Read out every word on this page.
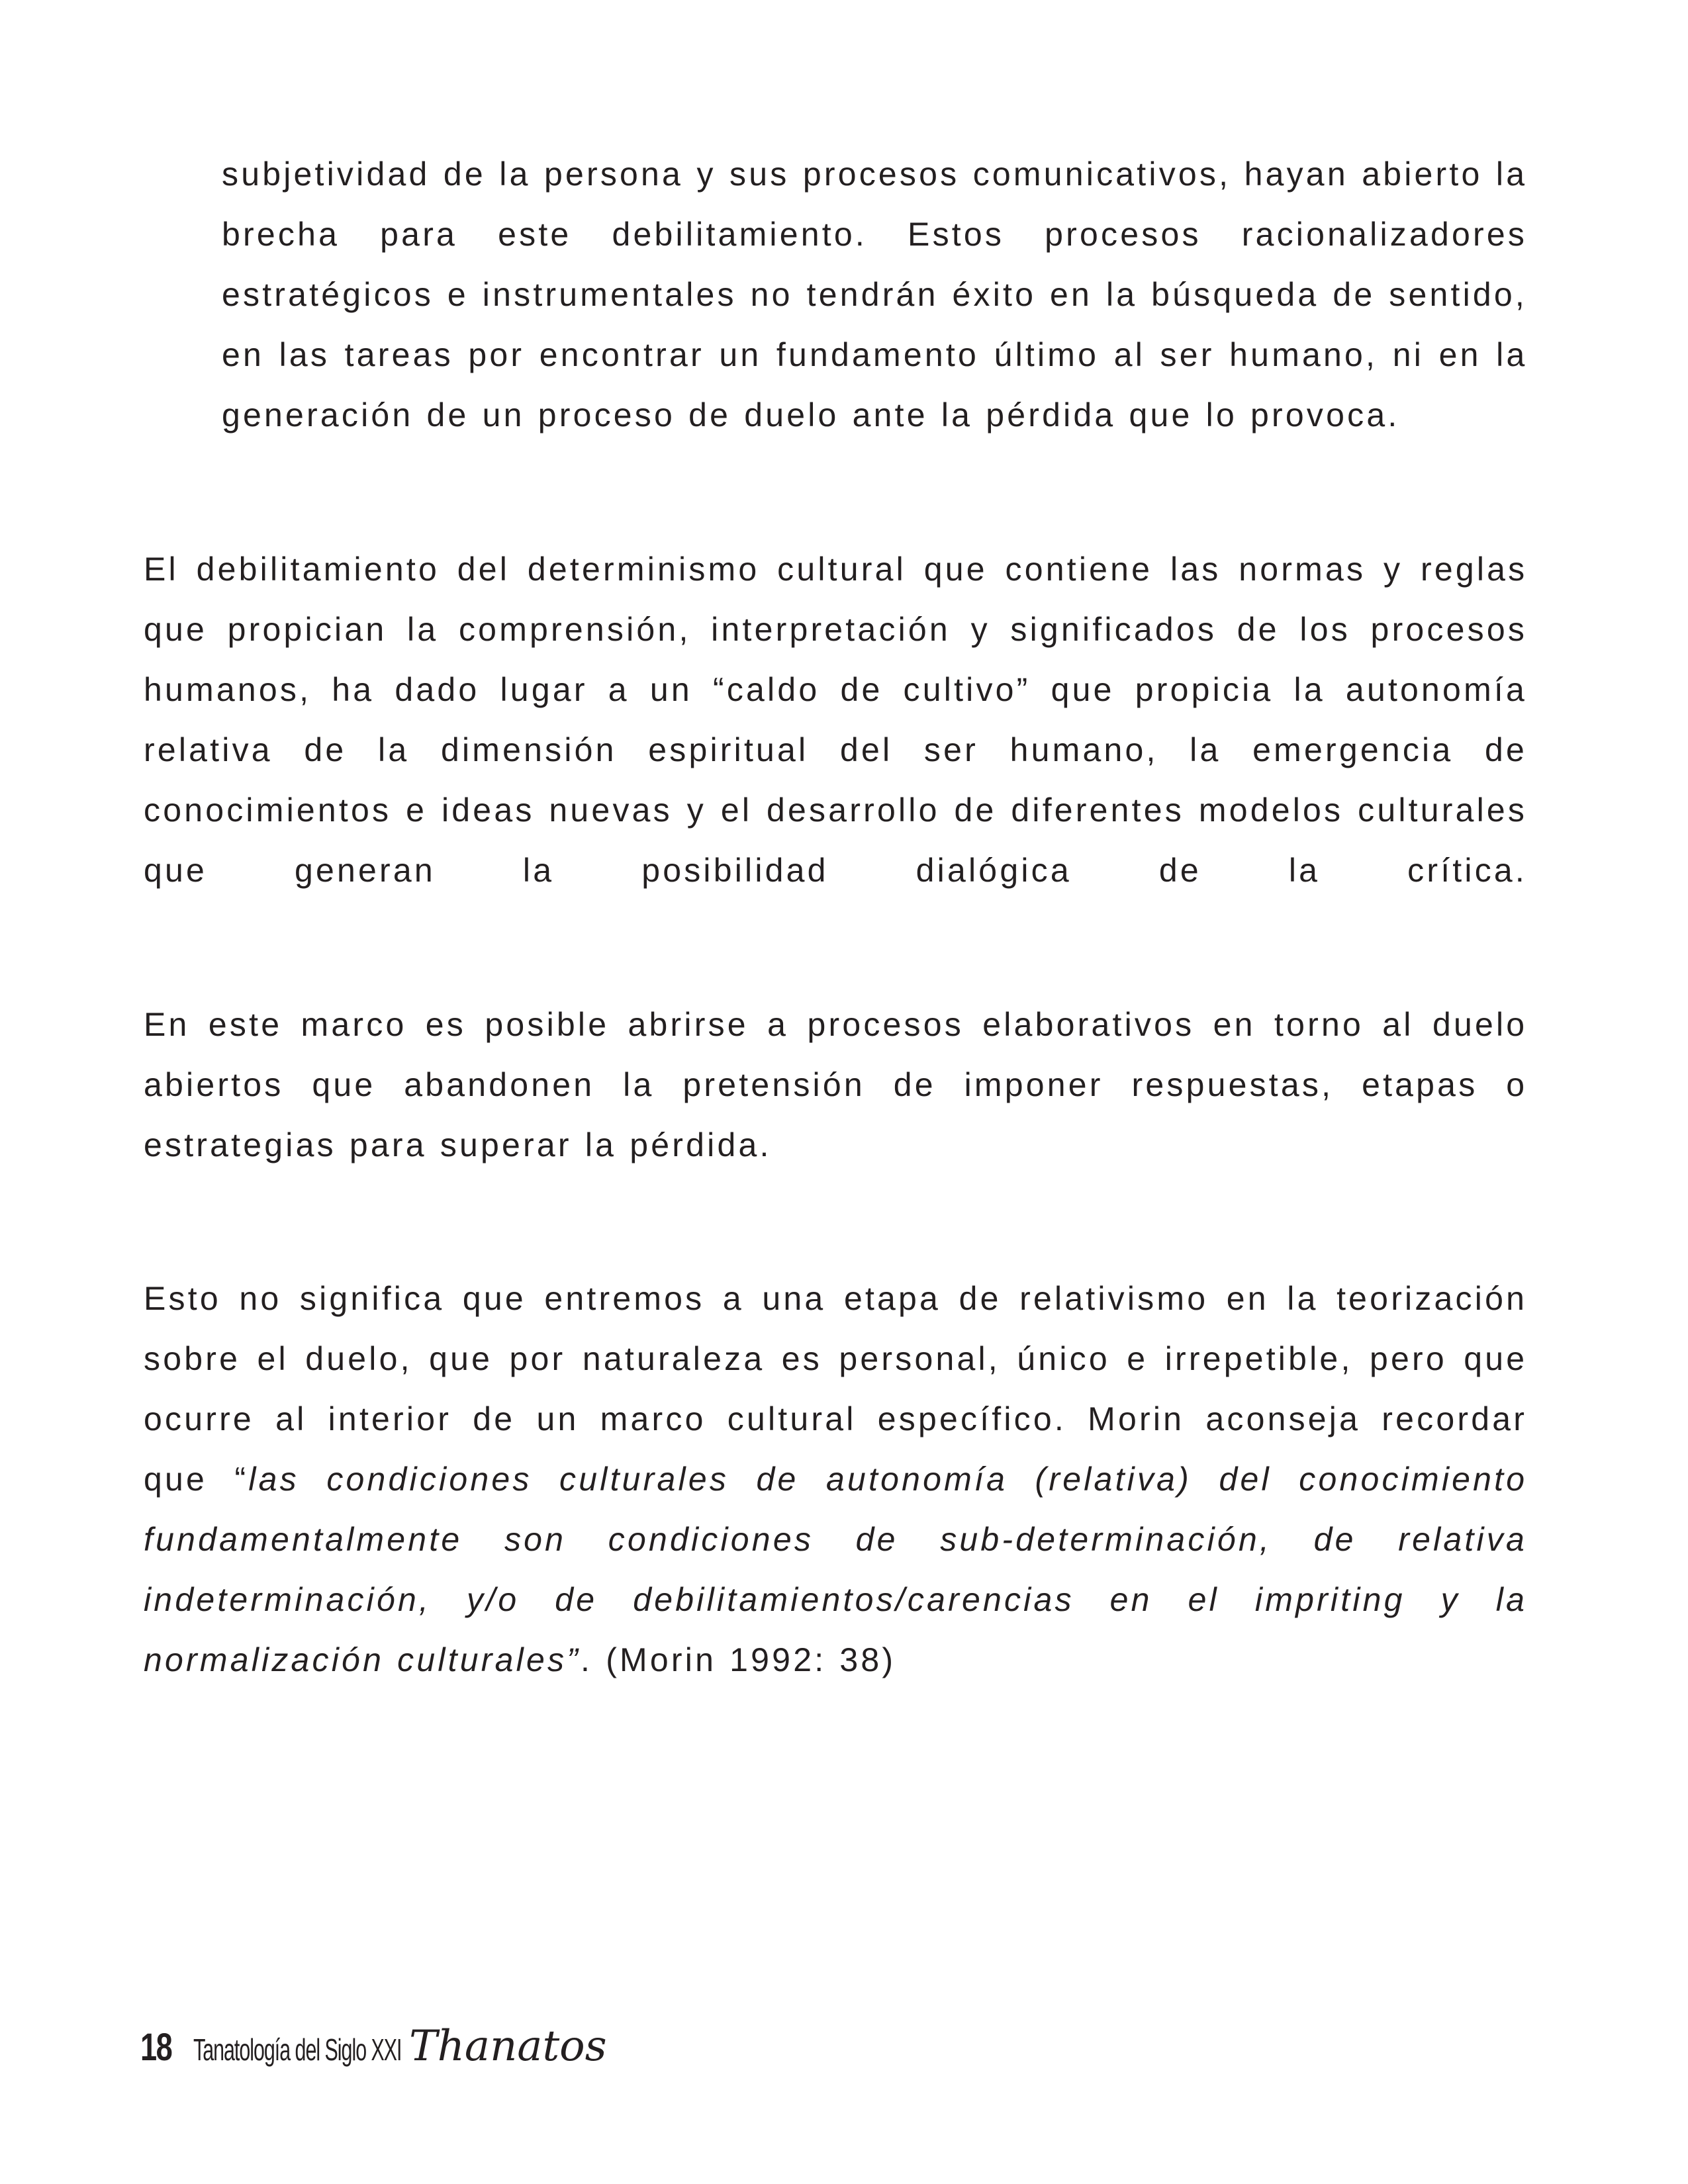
subjetividad de la persona y sus procesos comunicativos, hayan abierto la
brecha para este debilitamiento. Estos procesos racionalizadores
estratégicos e instrumentales no tendrán éxito en la búsqueda de sentido,
en las tareas por encontrar un fundamento último al ser humano, ni en la
generación de un proceso de duelo ante la pérdida que lo provoca.
El debilitamiento del determinismo cultural que contiene las normas y reglas
que propician la comprensión, interpretación y significados de los procesos
humanos, ha dado lugar a un “caldo de cultivo” que propicia la autonomía
relativa de la dimensión espiritual del ser humano, la emergencia de
conocimientos e ideas nuevas y el desarrollo de diferentes modelos culturales
que generan la posibilidad dialógica de la crítica.
En este marco es posible abrirse a procesos elaborativos en torno al duelo
abiertos que abandonen la pretensión de imponer respuestas, etapas o
estrategias para superar la pérdida.
Esto no significa que entremos a una etapa de relativismo en la teorización
sobre el duelo, que por naturaleza es personal, único e irrepetible, pero que
ocurre al interior de un marco cultural específico. Morin aconseja recordar
que “las condiciones culturales de autonomía (relativa) del conocimiento
fundamentalmente son condiciones de sub-determinación, de relativa
indeterminación, y/o de debilitamientos/carencias en el impriting y la
normalización culturales”. (Morin 1992: 38)
18 Tanatología del Siglo XXI Thanatos
